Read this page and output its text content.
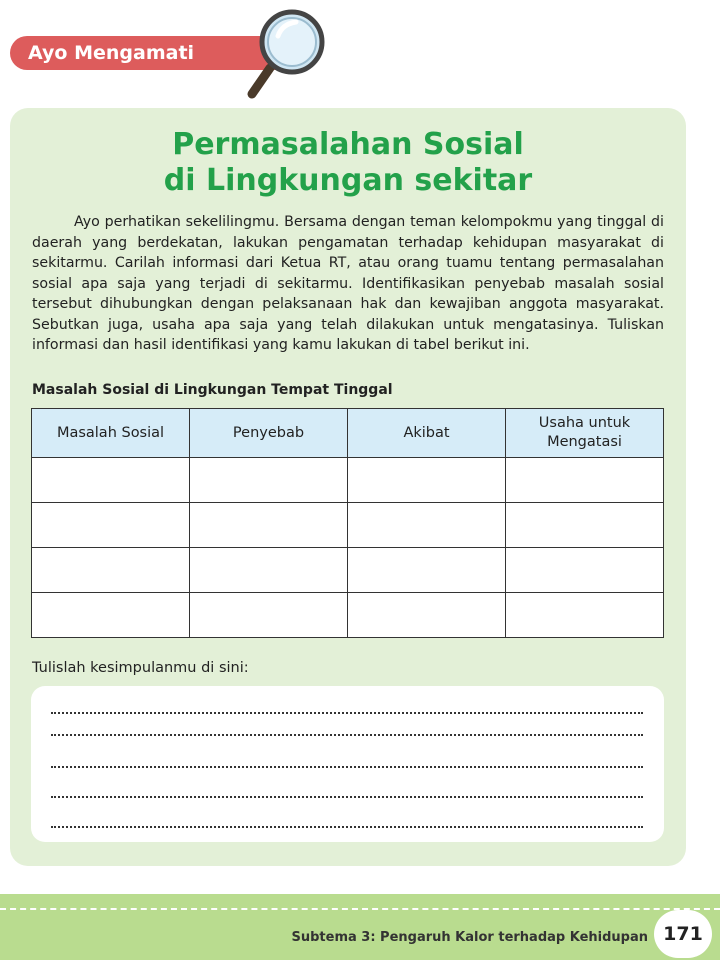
Ayo Mengamati
Permasalahan Sosial
di Lingkungan sekitar
Ayo perhatikan sekelilingmu. Bersama dengan teman kelompokmu yang tinggal di daerah yang berdekatan, lakukan pengamatan terhadap kehidupan masyarakat di sekitarmu. Carilah informasi dari Ketua RT, atau orang tuamu tentang permasalahan sosial apa saja yang terjadi di sekitarmu. Identifikasikan penyebab masalah sosial tersebut dihubungkan dengan pelaksanaan hak dan kewajiban anggota masyarakat. Sebutkan juga, usaha apa saja yang telah dilakukan untuk mengatasinya. Tuliskan informasi dan hasil identifikasi yang kamu lakukan di tabel berikut ini.
Masalah Sosial di Lingkungan Tempat Tinggal
Masalah Sosial	Penyebab	Akibat	Usaha untuk Mengatasi

Tulislah kesimpulanmu di sini:
Subtema 3: Pengaruh Kalor terhadap Kehidupan 171
